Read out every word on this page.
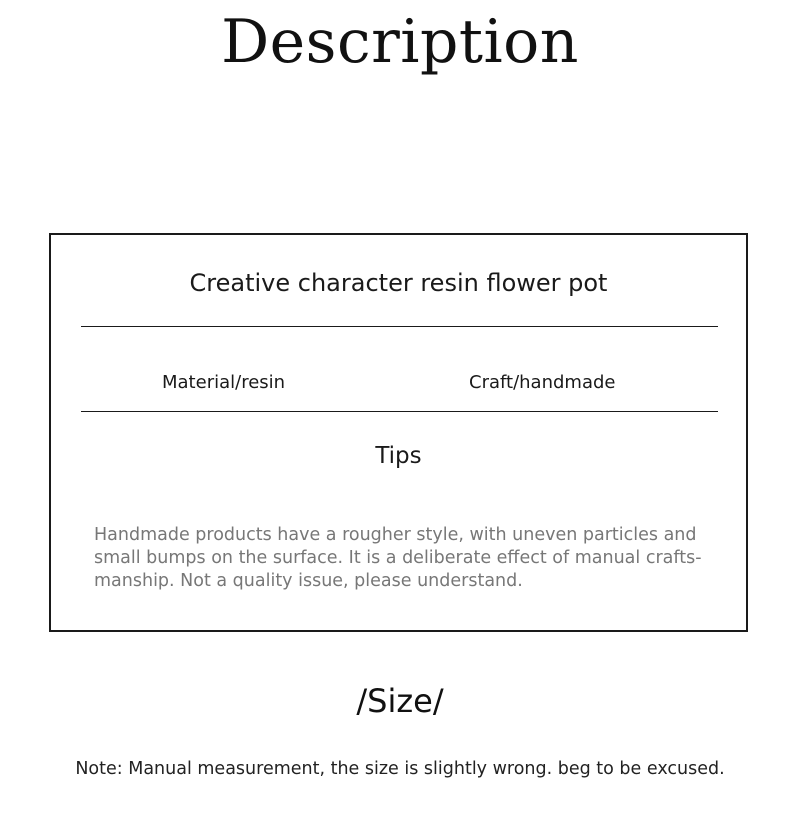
Description
Creative character resin flower pot
Material/resin	Craft/handmade
Tips
Handmade products have a rougher style, with uneven particles and small bumps on the surface. It is a deliberate effect of manual crafts-manship. Not a quality issue, please understand.
/Size/
Note: Manual measurement, the size is slightly wrong. beg to be excused.
